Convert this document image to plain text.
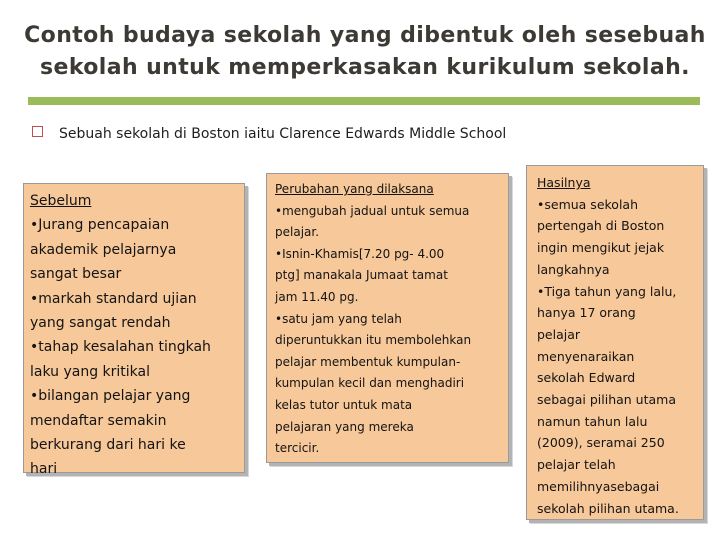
Contoh budaya sekolah yang dibentuk oleh sesebuah
sekolah untuk memperkasakan kurikulum sekolah.
Sebuah sekolah di Boston iaitu Clarence Edwards Middle School
Sebelum
•Jurang pencapaian
akademik pelajarnya
sangat besar
•markah standard ujian
yang sangat rendah
•tahap kesalahan tingkah
laku yang kritikal
•bilangan pelajar yang
mendaftar semakin
berkurang dari hari ke
hari
Perubahan yang dilaksana
•mengubah jadual untuk semua
pelajar.
•Isnin-Khamis[7.20 pg- 4.00
ptg] manakala Jumaat tamat
jam 11.40 pg.
•satu jam yang telah
diperuntukkan itu membolehkan
pelajar membentuk kumpulan-
kumpulan kecil dan menghadiri
kelas tutor untuk mata
pelajaran yang mereka
tercicir.
Hasilnya
•semua sekolah
pertengah di Boston
ingin mengikut jejak
langkahnya
•Tiga tahun yang lalu,
hanya 17 orang
pelajar
menyenaraikan
sekolah Edward
sebagai pilihan utama
namun tahun lalu
(2009), seramai 250
pelajar telah
memilihnyasebagai
sekolah pilihan utama.
